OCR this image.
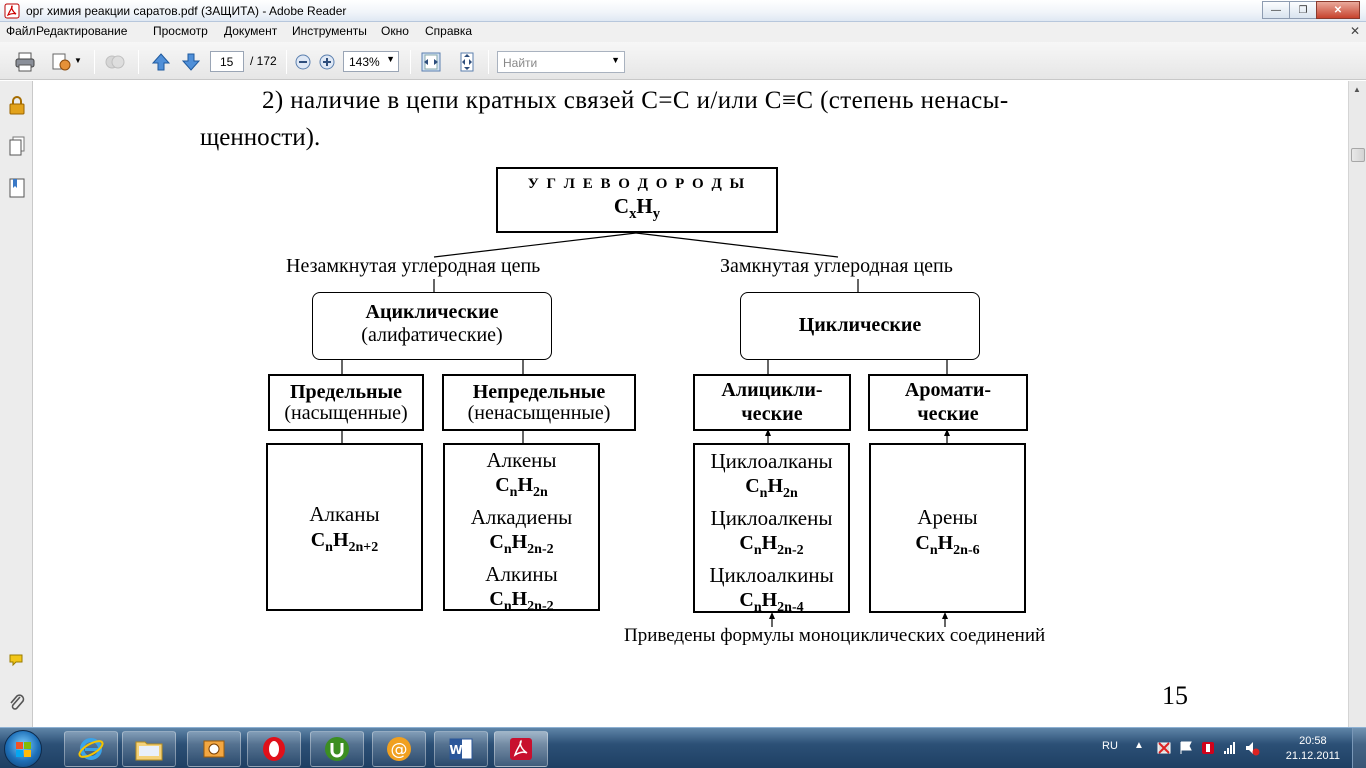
орг химия реакции саратов.pdf (ЗАЩИТА) - Adobe Reader	—	❐	✕
Файл Редактирование Просмотр Документ Инструменты Окно Справка	✕
▼	15	/ 172	143% ▼	Найти	▼
2) наличие в цепи кратных связей C=C и/или C≡C (степень ненасы-
щенности).
У Г Л Е В О Д О Р О Д Ы
$C_xH_y$
Незамкнутая углеродная цепь	Замкнутая углеродная цепь
Ациклические
(алифатические)	Циклические
Предельные
(насыщенные)
Непредельные
(ненасыщенные)
Алицикли-
ческие
Аромати-
ческие
Алканы
$C_nH_{2n+2}$
Алкены
$C_nH_{2n}$
Алкадиены
$C_nH_{2n-2}$
Алкины
$C_nH_{2n-2}$
Циклоалканы
$C_nH_{2n}$
Циклоалкены
$C_nH_{2n-2}$
Циклоалкины
$C_nH_{2n-4}$
Арены
$C_nH_{2n-6}$
Приведены формулы моноциклических соединений
15
▲
@	W	RU ▲	20:58
21.12.2011
